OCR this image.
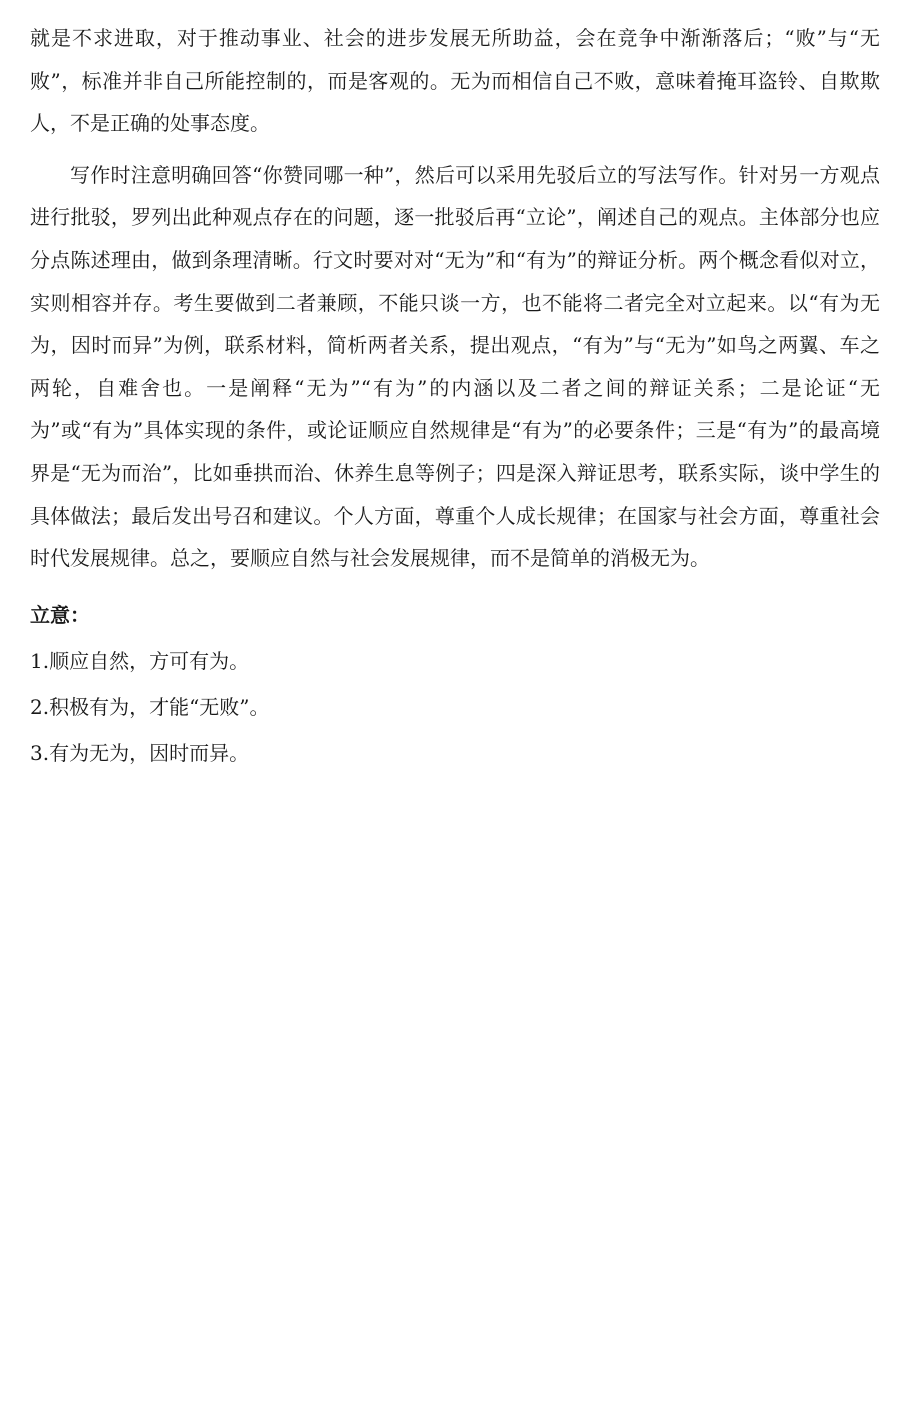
就是不求进取，对于推动事业、社会的进步发展无所助益，会在竞争中渐渐落后；“败”与“无败”，标准并非自己所能控制的，而是客观的。无为而相信自己不败，意味着掩耳盗铃、自欺欺人，不是正确的处事态度。

写作时注意明确回答“你赞同哪一种”，然后可以采用先驳后立的写法写作。针对另一方观点进行批驳，罗列出此种观点存在的问题，逐一批驳后再“立论”，阐述自己的观点。主体部分也应分点陈述理由，做到条理清晰。行文时要对对“无为”和“有为”的辩证分析。两个概念看似对立，实则相容并存。考生要做到二者兼顾，不能只谈一方，也不能将二者完全对立起来。以“有为无为，因时而异”为例，联系材料，简析两者关系，提出观点，“有为”与“无为”如鸟之两翼、车之两轮，自难舍也。一是阐释“无为”“有为”的内涵以及二者之间的辩证关系；二是论证“无为”或“有为”具体实现的条件，或论证顺应自然规律是“有为”的必要条件；三是“有为”的最高境界是“无为而治”，比如垂拱而治、休养生息等例子；四是深入辩证思考，联系实际，谈中学生的具体做法；最后发出号召和建议。个人方面，尊重个人成长规律；在国家与社会方面，尊重社会时代发展规律。总之，要顺应自然与社会发展规律，而不是简单的消极无为。

立意：

1.顺应自然，方可有为。

2.积极有为，才能“无败”。

3.有为无为，因时而异。
